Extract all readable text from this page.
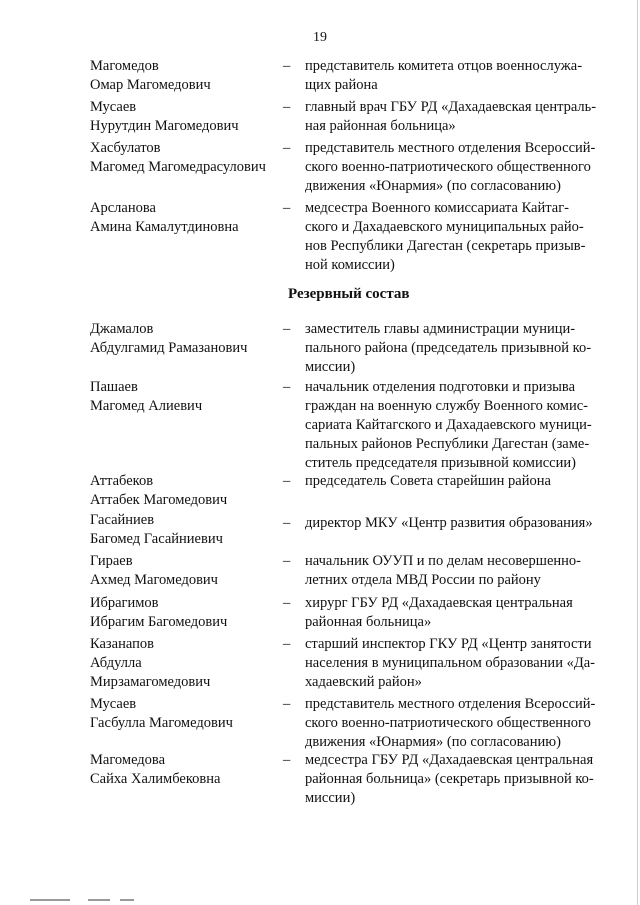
19
Магомедов
Омар Магомедович
–	представитель комитета отцов военнослужа-
щих района
Мусаев
Нурутдин Магомедович
–	главный врач ГБУ РД «Дахадаевская централь-
ная районная больница»
Хасбулатов
Магомед Магомедрасулович
–	представитель местного отделения Всероссий-
ского военно-патриотического общественного
движения «Юнармия» (по согласованию)
Арсланова
Амина Камалутдиновна
–	медсестра Военного комиссариата Кайтаг-
ского и Дахадаевского муниципальных райо-
нов Республики Дагестан (секретарь призыв-
ной комиссии)
Резервный состав
Джамалов
Абдулгамид Рамазанович
–	заместитель главы администрации муници-
пального района (председатель призывной ко-
миссии)
Пашаев
Магомед Алиевич
–	начальник отделения подготовки и призыва
граждан на военную службу Военного комис-
сариата Кайтагского и Дахадаевского муници-
пальных районов Республики Дагестан (заме-
ститель председателя призывной комиссии)
Аттабеков
Аттабек Магомедович
–	председатель Совета старейшин района
Гасайниев
Багомед Гасайниевич
–	директор МКУ «Центр развития образования»
Гираев
Ахмед Магомедович
–	начальник ОУУП и по делам несовершенно-
летних отдела МВД России по району
Ибрагимов
Ибрагим Багомедович
–	хирург ГБУ РД «Дахадаевская центральная
районная больница»
Казанапов
Абдулла
Мирзамагомедович
–	старший инспектор ГКУ РД «Центр занятости
населения в муниципальном образовании «Да-
хадаевский район»
Мусаев
Гасбулла Магомедович
–	представитель местного отделения Всероссий-
ского военно-патриотического общественного
движения «Юнармия» (по согласованию)
Магомедова
Сайха Халимбековна
–	медсестра ГБУ РД «Дахадаевская центральная
районная больница» (секретарь призывной ко-
миссии)
